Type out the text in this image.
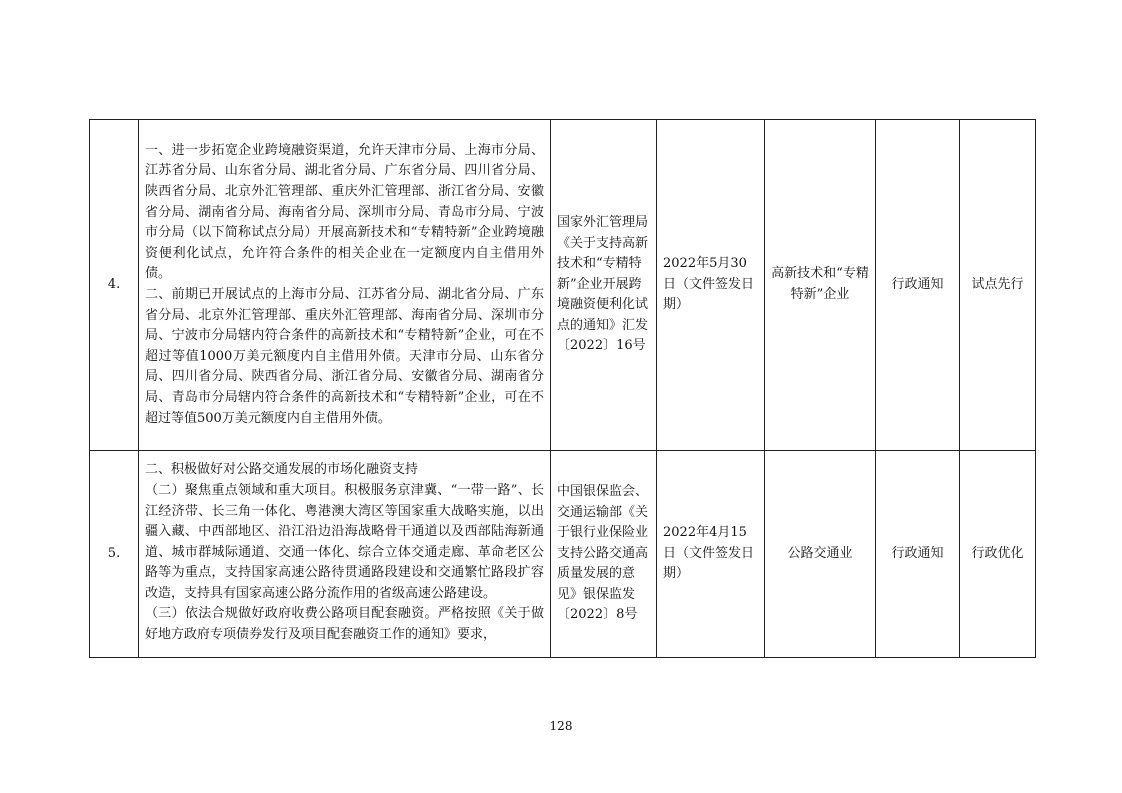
4.	一、进一步拓宽企业跨境融资渠道，允许天津市分局、上海市分局、江苏省分局、山东省分局、湖北省分局、广东省分局、四川省分局、陕西省分局、北京外汇管理部、重庆外汇管理部、浙江省分局、安徽省分局、湖南省分局、海南省分局、深圳市分局、青岛市分局、宁波市分局（以下简称试点分局）开展高新技术和“专精特新”企业跨境融资便利化试点，允许符合条件的相关企业在一定额度内自主借用外债。
二、前期已开展试点的上海市分局、江苏省分局、湖北省分局、广东省分局、北京外汇管理部、重庆外汇管理部、海南省分局、深圳市分局、宁波市分局辖内符合条件的高新技术和“专精特新”企业，可在不超过等值1000万美元额度内自主借用外债。天津市分局、山东省分局、四川省分局、陕西省分局、浙江省分局、安徽省分局、湖南省分局、青岛市分局辖内符合条件的高新技术和“专精特新”企业，可在不超过等值500万美元额度内自主借用外债。	国家外汇管理局《关于支持高新技术和“专精特新”企业开展跨境融资便利化试点的通知》汇发〔2022〕16号	2022年5月30日（文件签发日期）	高新技术和“专精特新”企业	行政通知	试点先行
5.	二、积极做好对公路交通发展的市场化融资支持
（二）聚焦重点领域和重大项目。积极服务京津冀、“一带一路”、长江经济带、长三角一体化、粤港澳大湾区等国家重大战略实施，以出疆入藏、中西部地区、沿江沿边沿海战略骨干通道以及西部陆海新通道、城市群城际通道、交通一体化、综合立体交通走廊、革命老区公路等为重点，支持国家高速公路待贯通路段建设和交通繁忙路段扩容改造，支持具有国家高速公路分流作用的省级高速公路建设。
（三）依法合规做好政府收费公路项目配套融资。严格按照《关于做好地方政府专项债券发行及项目配套融资工作的通知》要求，	中国银保监会、交通运输部《关于银行业保险业支持公路交通高质量发展的意见》银保监发〔2022〕8号	2022年4月15日（文件签发日期）	公路交通业	行政通知	行政优化
128
